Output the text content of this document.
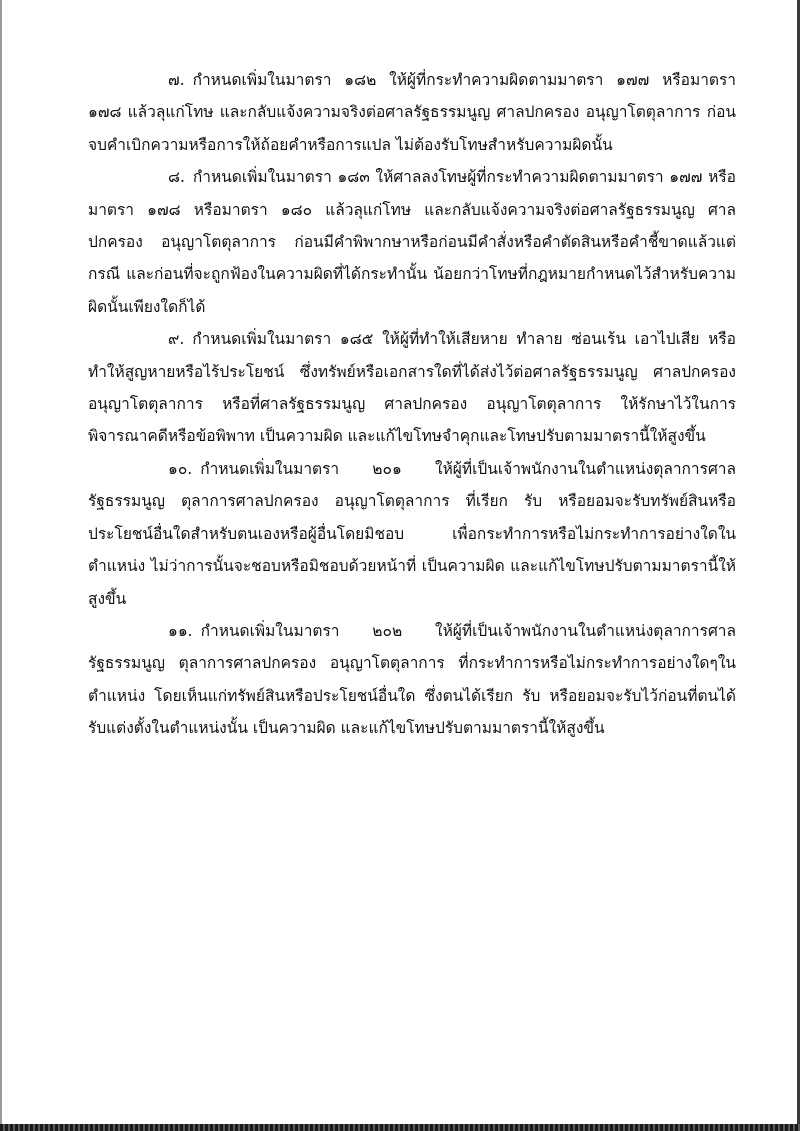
๗. กำหนดเพิ่มในมาตรา ๑๘๒ ให้ผู้ที่กระทำความผิดตามมาตรา ๑๗๗ หรือมาตรา ๑๗๘ แล้วลุแก่โทษ และกลับแจ้งความจริงต่อศาลรัฐธรรมนูญ ศาลปกครอง อนุญาโตตุลาการ ก่อนจบคำเบิกความหรือการให้ถ้อยคำหรือการแปล ไม่ต้องรับโทษสำหรับความผิดนั้น

๘. กำหนดเพิ่มในมาตรา ๑๘๓ ให้ศาลลงโทษผู้ที่กระทำความผิดตามมาตรา ๑๗๗ หรือมาตรา ๑๗๘ หรือมาตรา ๑๘๐ แล้วลุแก่โทษ และกลับแจ้งความจริงต่อศาลรัฐธรรมนูญ ศาลปกครอง อนุญาโตตุลาการ ก่อนมีคำพิพากษาหรือก่อนมีคำสั่งหรือคำตัดสินหรือคำชี้ขาดแล้วแต่กรณี และก่อนที่จะถูกฟ้องในความผิดที่ได้กระทำนั้น น้อยกว่าโทษที่กฎหมายกำหนดไว้สำหรับความผิดนั้นเพียงใดก็ได้

๙. กำหนดเพิ่มในมาตรา ๑๘๕ ให้ผู้ที่ทำให้เสียหาย ทำลาย ซ่อนเร้น เอาไปเสีย หรือทำให้สูญหายหรือไร้ประโยชน์ ซึ่งทรัพย์หรือเอกสารใดที่ได้ส่งไว้ต่อศาลรัฐธรรมนูญ ศาลปกครอง อนุญาโตตุลาการ หรือที่ศาลรัฐธรรมนูญ ศาลปกครอง อนุญาโตตุลาการ ให้รักษาไว้ในการพิจารณาคดีหรือข้อพิพาท เป็นความผิด และแก้ไขโทษจำคุกและโทษปรับตามมาตรานี้ให้สูงขึ้น

๑๐. กำหนดเพิ่มในมาตรา ๒๐๑ ให้ผู้ที่เป็นเจ้าพนักงานในตำแหน่งตุลาการศาลรัฐธรรมนูญ ตุลาการศาลปกครอง อนุญาโตตุลาการ ที่เรียก รับ หรือยอมจะรับทรัพย์สินหรือประโยชน์อื่นใดสำหรับตนเองหรือผู้อื่นโดยมิชอบ เพื่อกระทำการหรือไม่กระทำการอย่างใดในตำแหน่ง ไม่ว่าการนั้นจะชอบหรือมิชอบด้วยหน้าที่ เป็นความผิด และแก้ไขโทษปรับตามมาตรานี้ให้สูงขึ้น

๑๑. กำหนดเพิ่มในมาตรา ๒๐๒ ให้ผู้ที่เป็นเจ้าพนักงานในตำแหน่งตุลาการศาลรัฐธรรมนูญ ตุลาการศาลปกครอง อนุญาโตตุลาการ ที่กระทำการหรือไม่กระทำการอย่างใดๆในตำแหน่ง โดยเห็นแก่ทรัพย์สินหรือประโยชน์อื่นใด ซึ่งตนได้เรียก รับ หรือยอมจะรับไว้ก่อนที่ตนได้รับแต่งตั้งในตำแหน่งนั้น เป็นความผิด และแก้ไขโทษปรับตามมาตรานี้ให้สูงขึ้น
